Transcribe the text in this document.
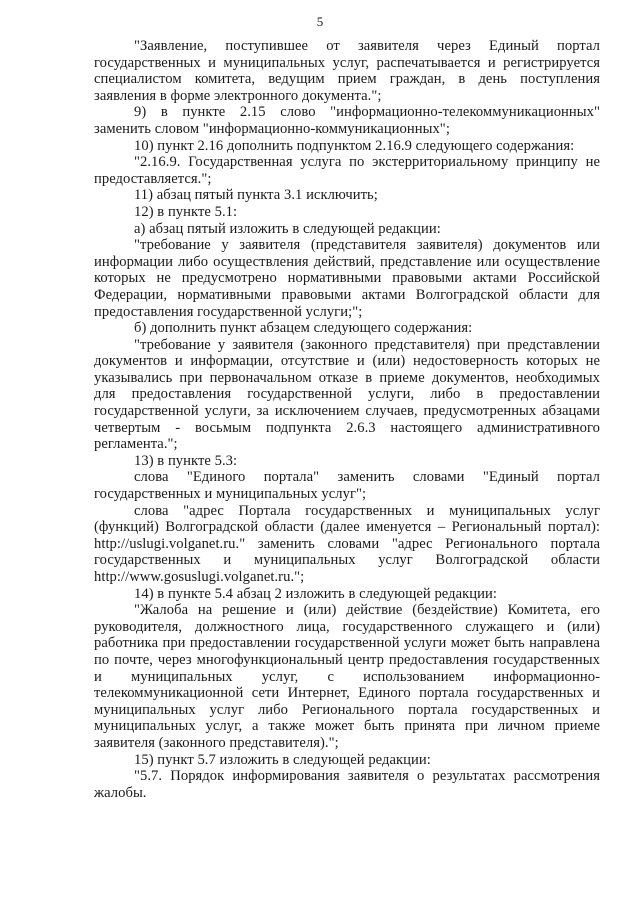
5

"Заявление, поступившее от заявителя через Единый портал государственных и муниципальных услуг, распечатывается и регистрируется специалистом комитета, ведущим прием граждан, в день поступления заявления в форме электронного документа.";

9) в пункте 2.15 слово "информационно-телекоммуникационных" заменить словом "информационно-коммуникационных";

10) пункт 2.16 дополнить подпунктом 2.16.9 следующего содержания:

"2.16.9. Государственная услуга по экстерриториальному принципу не предоставляется.";

11) абзац пятый пункта 3.1 исключить;

12) в пункте 5.1:

а) абзац пятый изложить в следующей редакции:

"требование у заявителя (представителя заявителя) документов или информации либо осуществления действий, представление или осуществление которых не предусмотрено нормативными правовыми актами Российской Федерации, нормативными правовыми актами Волгоградской области для предоставления государственной услуги;";

б) дополнить пункт абзацем следующего содержания:

"требование у заявителя (законного представителя) при представлении документов и информации, отсутствие и (или) недостоверность которых не указывались при первоначальном отказе в приеме документов, необходимых для предоставления государственной услуги, либо в предоставлении государственной услуги, за исключением случаев, предусмотренных абзацами четвертым - восьмым подпункта 2.6.3 настоящего административного регламента.";

13) в пункте 5.3:

слова "Единого портала" заменить словами "Единый портал государственных и муниципальных услуг";

слова "адрес Портала государственных и муниципальных услуг (функций) Волгоградской области (далее именуется – Региональный портал): http://uslugi.volganet.ru." заменить словами "адрес Регионального портала государственных и муниципальных услуг Волгоградской области http://www.gosuslugi.volganet.ru.";

14) в пункте 5.4 абзац 2 изложить в следующей редакции:

"Жалоба на решение и (или) действие (бездействие) Комитета, его руководителя, должностного лица, государственного служащего и (или) работника при предоставлении государственной услуги может быть направлена по почте, через многофункциональный центр предоставления государственных и муниципальных услуг, с использованием информационно-телекоммуникационной сети Интернет, Единого портала государственных и муниципальных услуг либо Регионального портала государственных и муниципальных услуг, а также может быть принята при личном приеме заявителя (законного представителя).";

15) пункт 5.7 изложить в следующей редакции:

"5.7. Порядок информирования заявителя о результатах рассмотрения жалобы.
